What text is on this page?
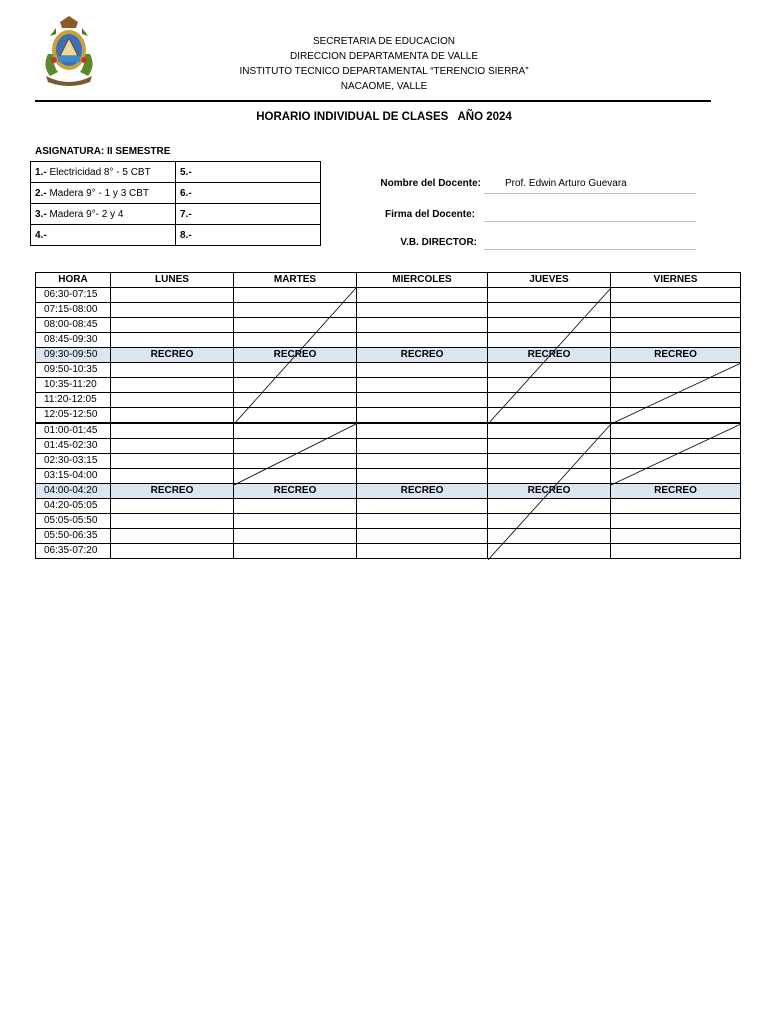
SECRETARIA DE EDUCACION
DIRECCION DEPARTAMENTA DE VALLE
INSTITUTO TECNICO DEPARTAMENTAL “TERENCIO SIERRA”
NACAOME, VALLE
HORARIO INDIVIDUAL DE CLASES   AÑO 2024
ASIGNATURA: II SEMESTRE
1.- Electricidad 8° - 5 CBT	5.-
2.- Madera 9° - 1 y 3 CBT	6.-
3.- Madera 9°- 2 y 4	7.-
4.-	8.-
Nombre del Docente: Prof. Edwin Arturo Guevara
Firma del Docente:
V.B. DIRECTOR:
HORA	LUNES	MARTES	MIERCOLES	JUEVES	VIERNES
06:30-07:15					
07:15-08:00					
08:00-08:45					
08:45-09:30					
09:30-09:50	RECREO	RECREO	RECREO	RECREO	RECREO
09:50-10:35					
10:35-11:20					
11:20-12:05					
12:05-12:50					
01:00-01:45					
01:45-02:30					
02:30-03:15					
03:15-04:00					
04:00-04:20	RECREO	RECREO	RECREO	RECREO	RECREO
04:20-05:05					
05:05-05:50					
05:50-06:35					
06:35-07:20					
